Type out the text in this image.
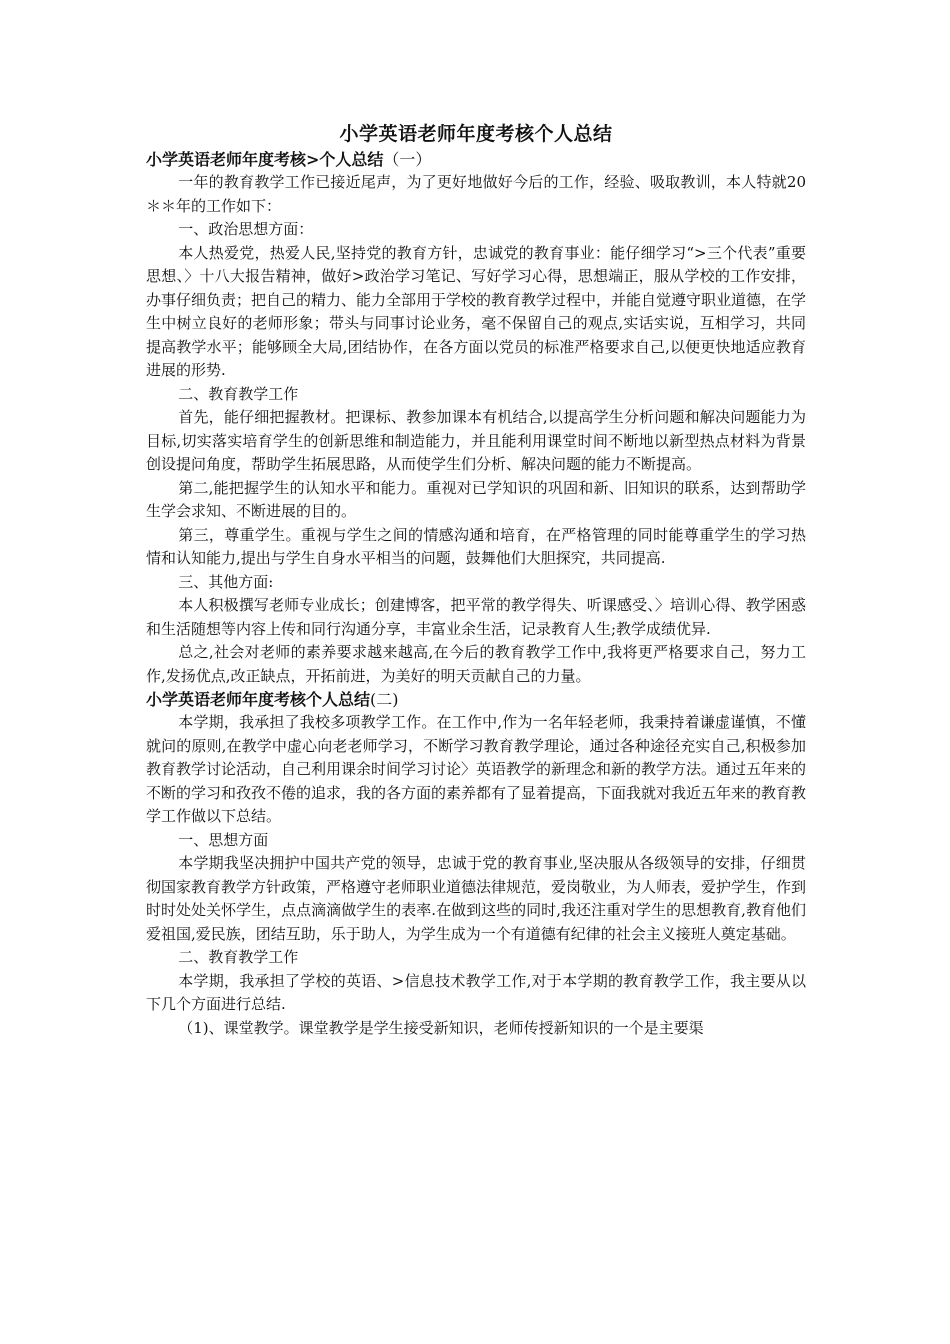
小学英语老师年度考核个人总结

小学英语老师年度考核>个人总结（一）

一年的教育教学工作已接近尾声，为了更好地做好今后的工作，经验、吸取教训，本人特就20＊＊年的工作如下：

一、政治思想方面：

本人热爱党，热爱人民,坚持党的教育方针，忠诚党的教育事业：能仔细学习“>三个代表”重要思想、〉十八大报告精神，做好>政治学习笔记、写好学习心得，思想端正，服从学校的工作安排，办事仔细负责；把自己的精力、能力全部用于学校的教育教学过程中，并能自觉遵守职业道德，在学生中树立良好的老师形象；带头与同事讨论业务，毫不保留自己的观点,实话实说，互相学习，共同提高教学水平；能够顾全大局,团结协作，在各方面以党员的标准严格要求自己,以便更快地适应教育进展的形势.

二、教育教学工作

首先，能仔细把握教材。把课标、教参加课本有机结合,以提高学生分析问题和解决问题能力为目标,切实落实培育学生的创新思维和制造能力，并且能利用课堂时间不断地以新型热点材料为背景创设提问角度，帮助学生拓展思路，从而使学生们分析、解决问题的能力不断提高。

第二,能把握学生的认知水平和能力。重视对已学知识的巩固和新、旧知识的联系，达到帮助学生学会求知、不断进展的目的。

第三，尊重学生。重视与学生之间的情感沟通和培育，在严格管理的同时能尊重学生的学习热情和认知能力,提出与学生自身水平相当的问题，鼓舞他们大胆探究，共同提高.

三、其他方面:

本人积极撰写老师专业成长；创建博客，把平常的教学得失、听课感受、〉培训心得、教学困惑和生活随想等内容上传和同行沟通分享，丰富业余生活，记录教育人生;教学成绩优异.

总之,社会对老师的素养要求越来越高,在今后的教育教学工作中,我将更严格要求自己，努力工作,发扬优点,改正缺点，开拓前进，为美好的明天贡献自己的力量。

小学英语老师年度考核个人总结(二)

本学期，我承担了我校多项教学工作。在工作中,作为一名年轻老师，我秉持着谦虚谨慎，不懂就问的原则,在教学中虚心向老老师学习，不断学习教育教学理论，通过各种途径充实自己,积极参加教育教学讨论活动，自己利用课余时间学习讨论〉英语教学的新理念和新的教学方法。通过五年来的不断的学习和孜孜不倦的追求，我的各方面的素养都有了显着提高，下面我就对我近五年来的教育教学工作做以下总结。

一、思想方面

本学期我坚决拥护中国共产党的领导，忠诚于党的教育事业,坚决服从各级领导的安排，仔细贯彻国家教育教学方针政策，严格遵守老师职业道德法律规范，爱岗敬业，为人师表，爱护学生，作到时时处处关怀学生，点点滴滴做学生的表率.在做到这些的同时,我还注重对学生的思想教育,教育他们爱祖国,爱民族，团结互助，乐于助人，为学生成为一个有道德有纪律的社会主义接班人奠定基础。

二、教育教学工作

本学期，我承担了学校的英语、>信息技术教学工作,对于本学期的教育教学工作，我主要从以下几个方面进行总结.

（1)、课堂教学。课堂教学是学生接受新知识，老师传授新知识的一个是主要渠
